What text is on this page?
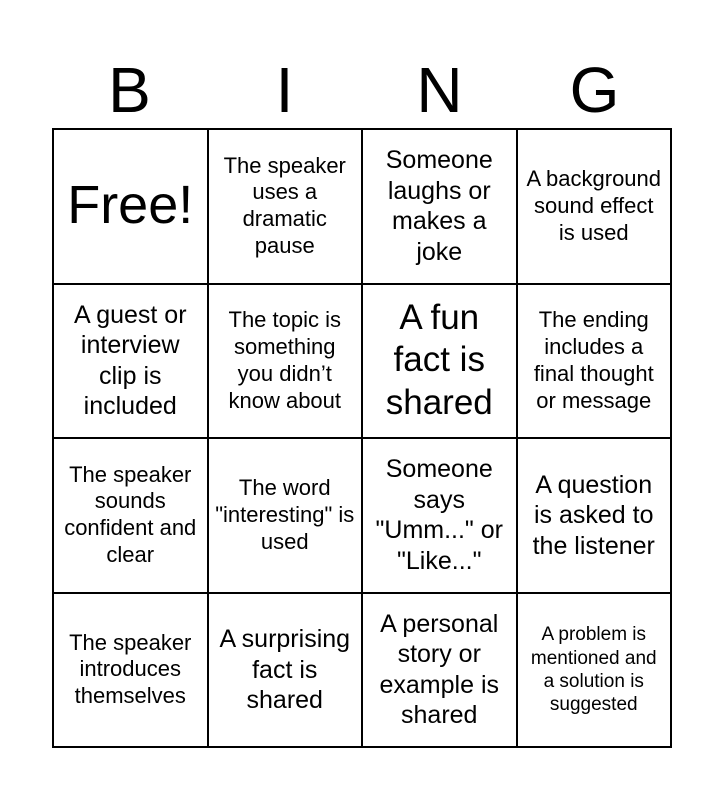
B	I	N	G
Free!
The speaker uses a dramatic pause
Someone laughs or makes a joke
A background sound effect is used
A guest or interview clip is included
The topic is something you didn’t know about
A fun fact is shared
The ending includes a final thought or message
The speaker sounds confident and clear
The word "interesting" is used
Someone says "Umm..." or "Like..."
A question is asked to the listener
The speaker introduces themselves
A surprising fact is shared
A personal story or example is shared
A problem is mentioned and a solution is suggested
